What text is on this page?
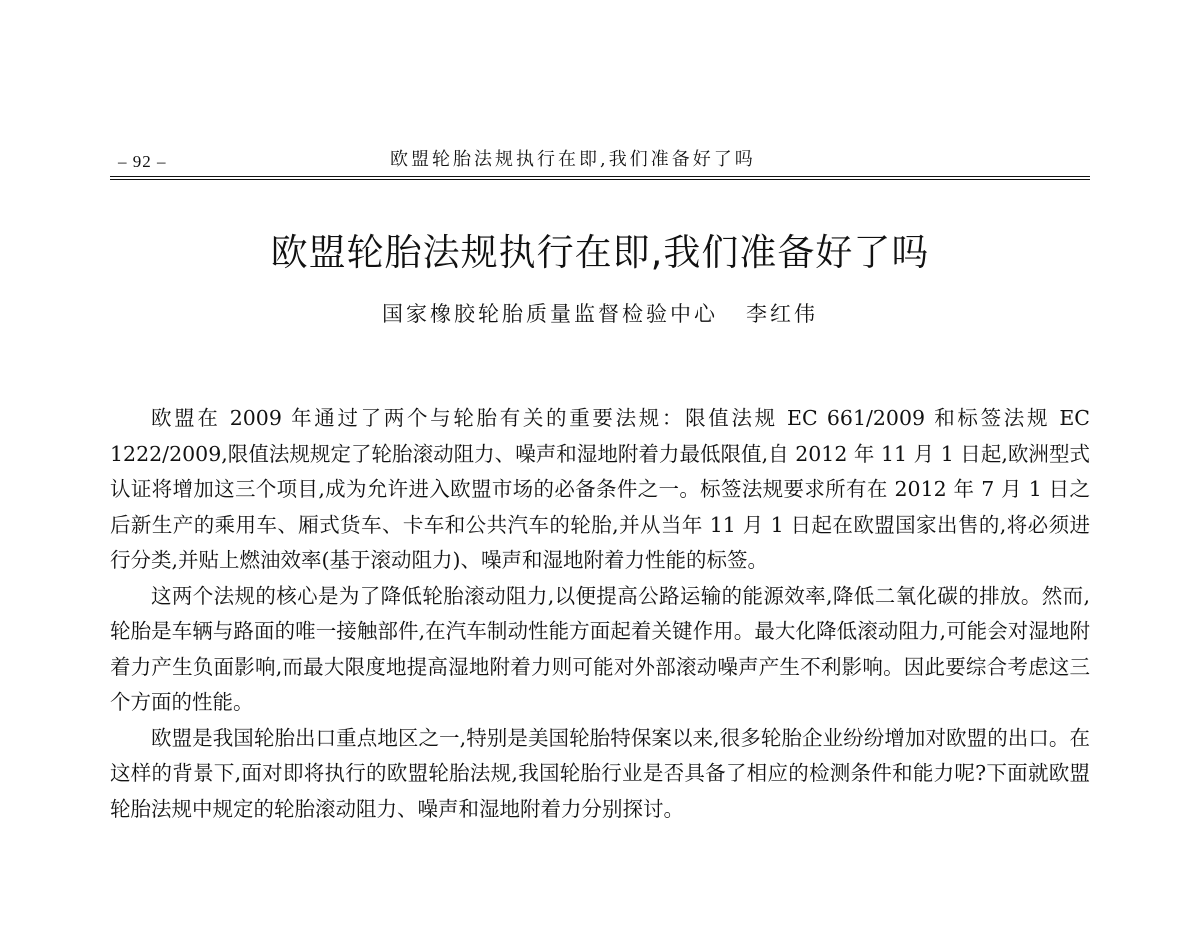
– 92 –	欧盟轮胎法规执行在即,我们准备好了吗
欧盟轮胎法规执行在即,我们准备好了吗
国家橡胶轮胎质量监督检验中心 李红伟

欧盟在 2009 年通过了两个与轮胎有关的重要法规：限值法规 EC 661/2009 和标签法规 EC 1222/2009,限值法规规定了轮胎滚动阻力、噪声和湿地附着力最低限值,自 2012 年 11 月 1 日起,欧洲型式认证将增加这三个项目,成为允许进入欧盟市场的必备条件之一。标签法规要求所有在 2012 年 7 月 1 日之后新生产的乘用车、厢式货车、卡车和公共汽车的轮胎,并从当年 11 月 1 日起在欧盟国家出售的,将必须进行分类,并贴上燃油效率(基于滚动阻力)、噪声和湿地附着力性能的标签。

这两个法规的核心是为了降低轮胎滚动阻力,以便提高公路运输的能源效率,降低二氧化碳的排放。然而,轮胎是车辆与路面的唯一接触部件,在汽车制动性能方面起着关键作用。最大化降低滚动阻力,可能会对湿地附着力产生负面影响,而最大限度地提高湿地附着力则可能对外部滚动噪声产生不利影响。因此要综合考虑这三个方面的性能。

欧盟是我国轮胎出口重点地区之一,特别是美国轮胎特保案以来,很多轮胎企业纷纷增加对欧盟的出口。在这样的背景下,面对即将执行的欧盟轮胎法规,我国轮胎行业是否具备了相应的检测条件和能力呢?下面就欧盟轮胎法规中规定的轮胎滚动阻力、噪声和湿地附着力分别探讨。
